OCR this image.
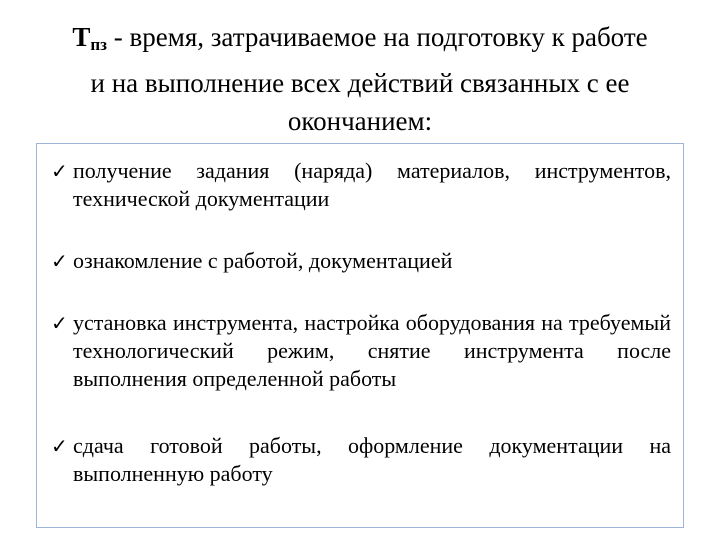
Тпз - время, затрачиваемое на подготовку к работе
и на выполнение всех действий связанных с ее
окончанием:
✓ получение задания (наряда) материалов, инструментов, технической документации
✓ ознакомление с работой, документацией
✓ установка инструмента, настройка оборудования на требуемый технологический режим, снятие инструмента после выполнения определенной работы
✓ сдача готовой работы, оформление документации на выполненную работу
